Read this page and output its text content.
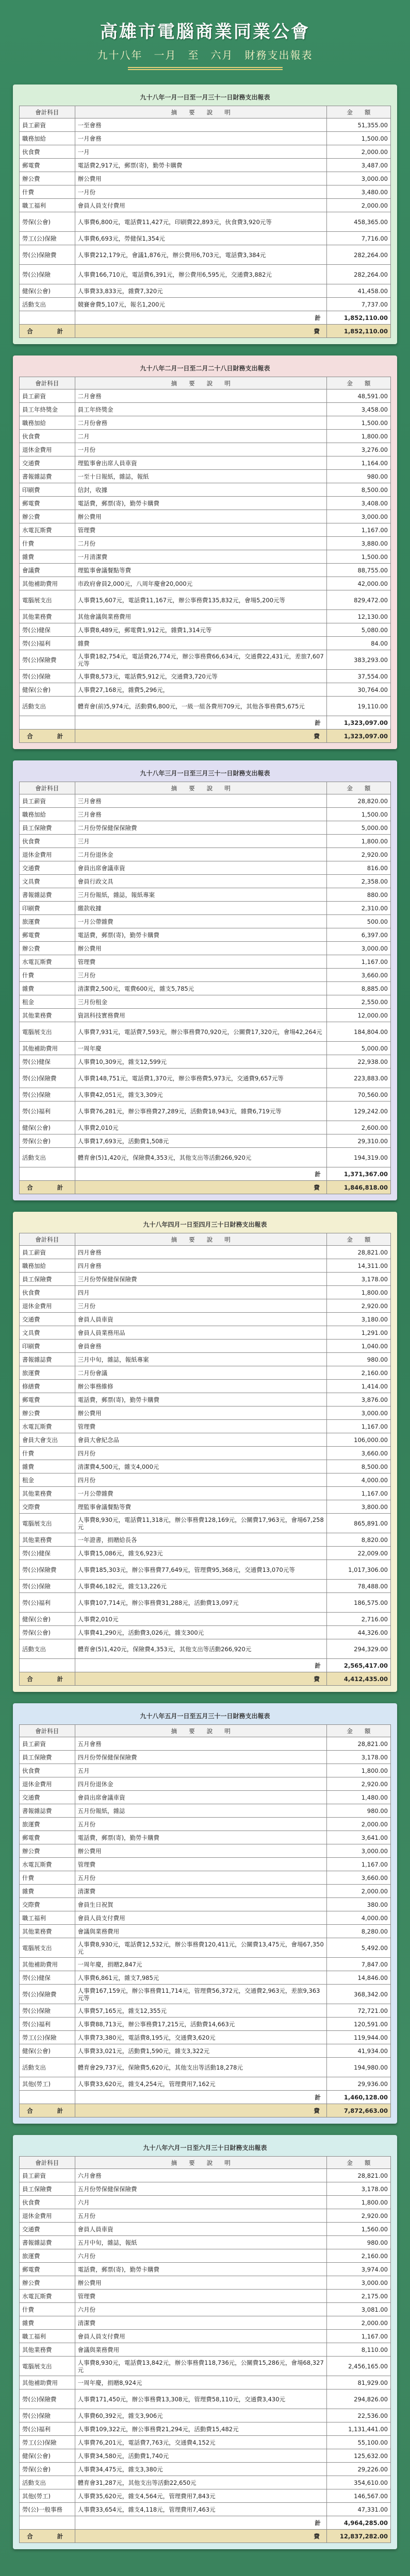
高雄市電腦商業同業公會
九十八年　一月　至　六月　財務支出報表
九十八年一月一日至一月三十一日財務支出報表
會計科目	摘　　要　　說　　明	金　　額
員工薪資	一至會務	51,355.00
職務加給	一月會務	1,500.00
伙食費	一月	2,000.00
郵電費	電話費2,917元，郵票(寄)，勤勞卡購費	3,487.00
辦公費	辦公費用	3,000.00
什費	一月份	3,480.00
職工福利	會員人員支付費用	2,000.00
勞保(公會)	人事費6,800元，電話費11,427元，印刷費22,893元，伙食費3,920元等	458,365.00
勞工(公)保險	人事費6,693元，勞健保1,354元	7,716.00
勞(公)保險費	人事費212,179元，會議1,876元，辦公費用6,703元，電話費3,384元	282,264.00
勞(公)保險	人事費166,710元，電話費6,391元，辦公費用6,595元，交通費3,882元	282,264.00
健保(公會)	人事費33,833元，雜費7,320元	41,458.00
活動支出	競賽會費5,107元，報名1,200元	7,737.00

	計	1,852,110.00
合　　計	費	1,852,110.00
九十八年二月一日至二月二十八日財務支出報表
會計科目	摘　　要　　說　　明	金　　額
員工薪資	二月會務	48,591.00
員工年終獎金	員工年終獎金	3,458.00
職務加給	二月份會務	1,500.00
伙食費	二月	1,800.00
退休金費用	一月份	3,276.00
交通費	理監事會出席人員車資	1,164.00
書報雜誌費	一至十日報紙，雜誌，報紙	980.00
印刷費	信封，收據	8,500.00
郵電費	電話費，郵票(寄)，勤勞卡購費	3,408.00
辦公費	辦公費用	3,000.00
水電瓦斯費	管理費	1,167.00
什費	二月份	3,880.00
雜費	一月清潔費	1,500.00
會議費	理監事會議餐點等費	88,755.00
其他補助費用	市政府會員2,000元，八周年慶會20,000元	42,000.00
電腦展支出	人事費15,607元，電話費11,167元，辦公事務費135,832元，會場5,200元等	829,472.00
其他業務費	其他會議與業務費用	12,130.00
勞(公)健保	人事費8,489元，郵電費1,912元，雜費1,314元等	5,080.00
勞(公)福利	雜費	84.00
勞(公)保險費	人事費182,754元，電話費26,774元，辦公事務費66,634元，交通費22,431元，差旅7,607元等	383,293.00
勞(公)保險	人事費8,573元，電話費5,912元，交通費3,720元等	37,554.00
健保(公會)	人事費27,168元，雜費5,296元，	30,764.00
活動支出	體育會(前)5,974元，活動費6,800元，一級一組各費用709元，其他各事務費5,675元	19,110.00

	計	1,323,097.00
合　　計	費	1,323,097.00
九十八年三月一日至三月三十一日財務支出報表
會計科目	摘　　要　　說　　明	金　　額
員工薪資	三月會務	28,820.00
職務加給	三月會務	1,500.00
員工保險費	二月份勞保健保保險費	5,000.00
伙食費	三月	1,800.00
退休金費用	二月份退休金	2,920.00
交通費	會員出席會議車資	816.00
文具費	會員行政文具	2,358.00
書報雜誌費	三月份報紙，雜誌，報紙專案	880.00
印刷費	繳款收據	2,310.00
旅運費	一月公帶雜費	500.00
郵電費	電話費，郵票(寄)，勤勞卡購費	6,397.00
辦公費	辦公費用	3,000.00
水電瓦斯費	管理費	1,167.00
什費	三月份	3,660.00
雜費	清潔費2,500元，電費600元，雜支5,785元	8,885.00
租金	三月份租金	2,550.00
其他業務費	資訊科技實務費用	12,000.00
電腦展支出	人事費7,931元，電話費7,593元，辦公事務費70,920元，公關費17,320元，會場42,264元	184,804.00
其他補助費用	一周年慶	5,000.00
勞(公)健保	人事費10,309元，雜支12,599元	22,938.00
勞(公)保險費	人事費148,751元，電話費1,370元，辦公事務費5,973元，交通費9,657元等	223,883.00
勞(公)保險	人事費42,051元，雜支3,309元	70,560.00
勞(公)福利	人事費76,281元，辦公事務費27,289元，活動費18,943元，雜費6,719元等	129,242.00
健保(公會)	人事費2,010元	2,600.00
勞保(公會)	人事費17,693元，活動費1,508元	29,310.00
活動支出	體育會(5)1,420元，保險費4,353元，其他支出等活動266,920元	194,319.00

	計	1,371,367.00
合　　計	費	1,846,818.00
九十八年四月一日至四月三十日財務支出報表
會計科目	摘　　要　　說　　明	金　　額
員工薪資	四月會務	28,821.00
職務加給	四月會務	14,311.00
員工保險費	三月份勞保健保保險費	3,178.00
伙食費	四月	1,800.00
退休金費用	三月份	2,920.00
交通費	會員人員車資	3,180.00
文具費	會員人員業務用品	1,291.00
印刷費	會員會務	1,040.00
書報雜誌費	三月中旬，雜誌，報紙專案	980.00
旅運費	二月份會議	2,160.00
修繕費	辦公事務維修	1,414.00
郵電費	電話費，郵票(寄)，勤勞卡購費	3,876.00
辦公費	辦公費用	3,000.00
水電瓦斯費	管理費	1,167.00
會員大會支出	會員大會紀念品	106,000.00
什費	四月份	3,660.00
雜費	清潔費4,500元，雜支4,000元	8,500.00
租金	四月份	4,000.00
其他業務費	一月公帶雜費	1,167.00
交際費	理監事會議餐點等費	3,800.00
電腦展支出	人事費8,930元，電話費11,318元，辦公事務費128,169元，公關費17,963元，會場67,258元	865,891.00
其他業務費	一年證書，捐贈給長各	8,820.00
勞(公)健保	人事費15,086元，雜支6,923元	22,009.00
勞(公)保險費	人事費185,303元，辦公事務費77,649元，管理費95,368元，交通費13,070元等	1,017,306.00
勞(公)保險	人事費46,182元，雜支13,226元	78,488.00
勞(公)福利	人事費107,714元，辦公事務費31,288元，活動費13,097元	186,575.00
健保(公會)	人事費2,010元	2,716.00
勞保(公會)	人事費41,290元，活動費3,026元，雜支300元	44,326.00
活動支出	體育會(5)1,420元，保險費4,353元，其他支出等活動266,920元	294,329.00

	計	2,565,417.00
合　　計	費	4,412,435.00
九十八年五月一日至五月三十一日財務支出報表
會計科目	摘　　要　　說　　明	金　　額
員工薪資	五月會務	28,821.00
員工保險費	四月份勞保健保保險費	3,178.00
伙食費	五月	1,800.00
退休金費用	四月份退休金	2,920.00
交通費	會員出席會議車資	1,480.00
書報雜誌費	五月份報紙，雜誌	980.00
旅運費	五月份	2,000.00
郵電費	電話費，郵票(寄)，勤勞卡購費	3,641.00
辦公費	辦公費用	3,000.00
水電瓦斯費	管理費	1,167.00
什費	五月份	3,660.00
雜費	清潔費	2,000.00
交際費	會員生日祝賀	380.00
職工福利	會員人員支付費用	4,000.00
其他業務費	會議與業務費用	8,280.00
電腦展支出	人事費8,930元，電話費12,532元，辦公事務費120,411元，公關費13,475元，會場67,350元	5,492.00
其他補助費用	一周年慶，捐贈2,847元	7,847.00
勞(公)健保	人事費6,861元，雜支7,985元	14,846.00
勞(公)保險費	人事費167,159元，辦公事務費11,714元，管理費56,372元，交通費2,963元，差旅9,363元等	368,342.00
勞(公)保險	人事費57,165元，雜支12,355元	72,721.00
勞(公)福利	人事費88,713元，辦公事務費17,215元，活動費14,663元	120,591.00
勞工(公)保險	人事費73,380元，電話費8,195元，交通費3,620元	119,944.00
健保(公會)	人事費33,021元，活動費1,590元，雜支3,322元	41,934.00
活動支出	體育會29,737元，保險費5,620元，其他支出等活動18,278元	194,980.00
其他(勞工)	人事費33,620元，雜支4,254元，管理費用7,162元	29,936.00

	計	1,460,128.00
合　　計	費	7,872,663.00
九十八年六月一日至六月三十日財務支出報表
會計科目	摘　　要　　說　　明	金　　額
員工薪資	六月會務	28,821.00
員工保險費	五月份勞保健保保險費	3,178.00
伙食費	六月	1,800.00
退休金費用	五月份	2,920.00
交通費	會員人員車資	1,560.00
書報雜誌費	五月中旬，雜誌，報紙	980.00
旅運費	六月份	2,160.00
郵電費	電話費，郵票(寄)，勤勞卡購費	3,974.00
辦公費	辦公費用	3,000.00
水電瓦斯費	管理費	2,175.00
什費	六月份	3,081.00
雜費	清潔費	2,000.00
職工福利	會員人員支付費用	1,167.00
其他業務費	會議與業務費用	8,110.00
電腦展支出	人事費8,930元，電話費13,842元，辦公事務費118,736元，公關費15,286元，會場68,327元	2,456,165.00
其他補助費用	一周年慶，捐贈8,924元	81,929.00
勞(公)保險費	人事費171,450元，辦公事務費13,308元，管理費58,110元，交通費3,430元	294,826.00
勞(公)保險	人事費60,392元，雜支3,906元	22,536.00
勞(公)福利	人事費109,322元，辦公事務費21,294元，活動費15,482元	1,131,441.00
勞工(公)保險	人事費76,201元，電話費7,763元，交通費4,152元	55,100.00
健保(公會)	人事費34,580元，活動費1,740元	125,632.00
勞保(公會)	人事費34,475元，雜支3,380元	29,226.00
活動支出	體育會31,287元，其他支出等活動22,650元	354,610.00
其他(勞工)	人事費35,620元，雜支4,564元，管理費用7,843元	146,567.00
勞(公)一般事務	人事費33,654元，雜支4,118元，管理費用7,463元	47,331.00

	計	4,964,285.00
合　　計	費	12,837,282.00
